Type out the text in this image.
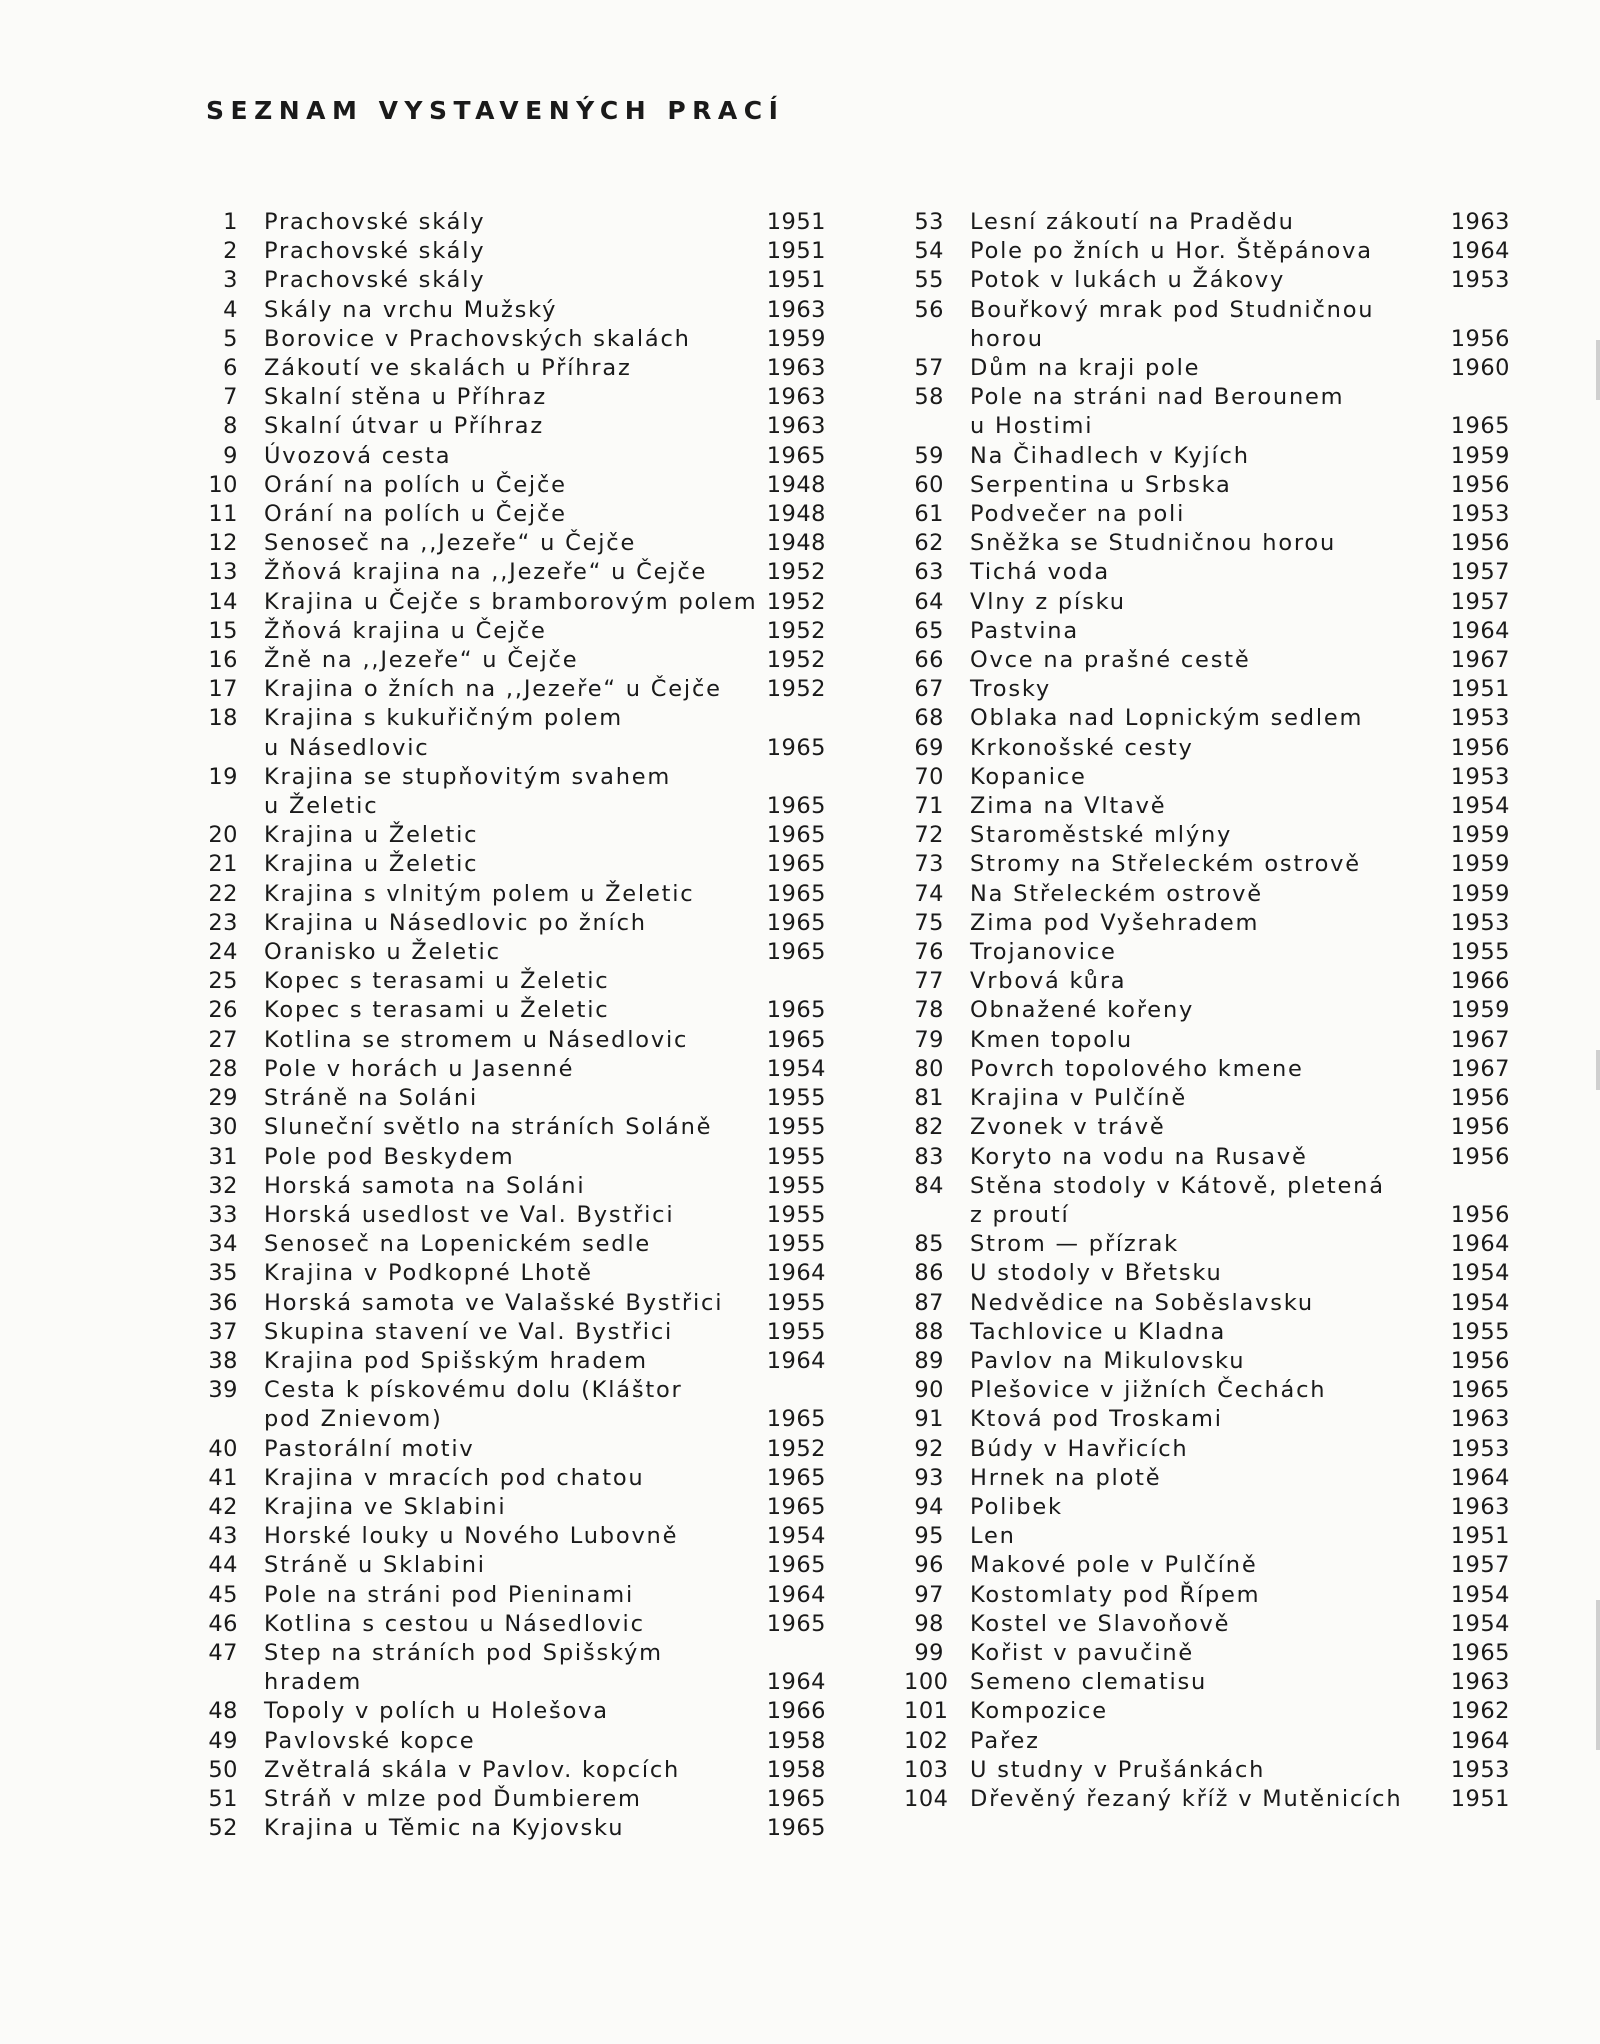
SEZNAM VYSTAVENÝCH PRACÍ
1	Prachovské skály	1951
2	Prachovské skály	1951
3	Prachovské skály	1951
4	Skály na vrchu Mužský	1963
5	Borovice v Prachovských skalách	1959
6	Zákoutí ve skalách u Příhraz	1963
7	Skalní stěna u Příhraz	1963
8	Skalní útvar u Příhraz	1963
9	Úvozová cesta	1965
10	Orání na polích u Čejče	1948
11	Orání na polích u Čejče	1948
12	Senoseč na ,,Jezeře“ u Čejče	1948
13	Žňová krajina na ,,Jezeře“ u Čejče	1952
14	Krajina u Čejče s bramborovým polem 1952
15	Žňová krajina u Čejče	1952
16	Žně na ,,Jezeře“ u Čejče	1952
17	Krajina o žních na ,,Jezeře“ u Čejče	1952
18	Krajina s kukuřičným polem
u Násedlovic	1965
19	Krajina se stupňovitým svahem
u Želetic	1965
20	Krajina u Želetic	1965
21	Krajina u Želetic	1965
22	Krajina s vlnitým polem u Želetic	1965
23	Krajina u Násedlovic po žních	1965
24	Oranisko u Želetic	1965
25	Kopec s terasami u Želetic
26	Kopec s terasami u Želetic	1965
27	Kotlina se stromem u Násedlovic	1965
28	Pole v horách u Jasenné	1954
29	Stráně na Soláni	1955
30	Sluneční světlo na stráních Soláně	1955
31	Pole pod Beskydem	1955
32	Horská samota na Soláni	1955
33	Horská usedlost ve Val. Bystřici	1955
34	Senoseč na Lopenickém sedle	1955
35	Krajina v Podkopné Lhotě	1964
36	Horská samota ve Valašské Bystřici	1955
37	Skupina stavení ve Val. Bystřici	1955
38	Krajina pod Spišským hradem	1964
39	Cesta k pískovému dolu (Kláštor
pod Znievom)	1965
40	Pastorální motiv	1952
41	Krajina v mracích pod chatou	1965
42	Krajina ve Sklabini	1965
43	Horské louky u Nového Lubovně	1954
44	Stráně u Sklabini	1965
45	Pole na stráni pod Pieninami	1964
46	Kotlina s cestou u Násedlovic	1965
47	Step na stráních pod Spišským hradem	1964
48	Topoly v polích u Holešova	1966
49	Pavlovské kopce	1958
50	Zvětralá skála v Pavlov. kopcích	1958
51	Stráň v mlze pod Ďumbierem	1965
52	Krajina u Těmic na Kyjovsku	1965
53	Lesní zákoutí na Pradědu	1963
54	Pole po žních u Hor. Štěpánova	1964
55	Potok v lukách u Žákovy	1953
56	Bouřkový mrak pod Studničnou
horou	1956
57	Dům na kraji pole	1960
58	Pole na stráni nad Berounem
u Hostimi	1965
59	Na Čihadlech v Kyjích	1959
60	Serpentina u Srbska	1956
61	Podvečer na poli	1953
62	Sněžka se Studničnou horou	1956
63	Tichá voda	1957
64	Vlny z písku	1957
65	Pastvina	1964
66	Ovce na prašné cestě	1967
67	Trosky	1951
68	Oblaka nad Lopnickým sedlem	1953
69	Krkonošské cesty	1956
70	Kopanice	1953
71	Zima na Vltavě	1954
72	Staroměstské mlýny	1959
73	Stromy na Střeleckém ostrově	1959
74	Na Střeleckém ostrově	1959
75	Zima pod Vyšehradem	1953
76	Trojanovice	1955
77	Vrbová kůra	1966
78	Obnažené kořeny	1959
79	Kmen topolu	1967
80	Povrch topolového kmene	1967
81	Krajina v Pulčíně	1956
82	Zvonek v trávě	1956
83	Koryto na vodu na Rusavě	1956
84	Stěna stodoly v Kátově, pletená
z proutí	1956
85	Strom — přízrak	1964
86	U stodoly v Břetsku	1954
87	Nedvědice na Soběslavsku	1954
88	Tachlovice u Kladna	1955
89	Pavlov na Mikulovsku	1956
90	Plešovice v jižních Čechách	1965
91	Ktová pod Troskami	1963
92	Búdy v Havřicích	1953
93	Hrnek na plotě	1964
94	Polibek	1963
95	Len	1951
96	Makové pole v Pulčíně	1957
97	Kostomlaty pod Řípem	1954
98	Kostel ve Slavoňově	1954
99	Kořist v pavučině	1965
100 Semeno clematisu	1963
101 Kompozice	1962
102 Pařez	1964
103 U studny v Prušánkách	1953
104 Dřevěný řezaný kříž v Mutěnicích	1951
